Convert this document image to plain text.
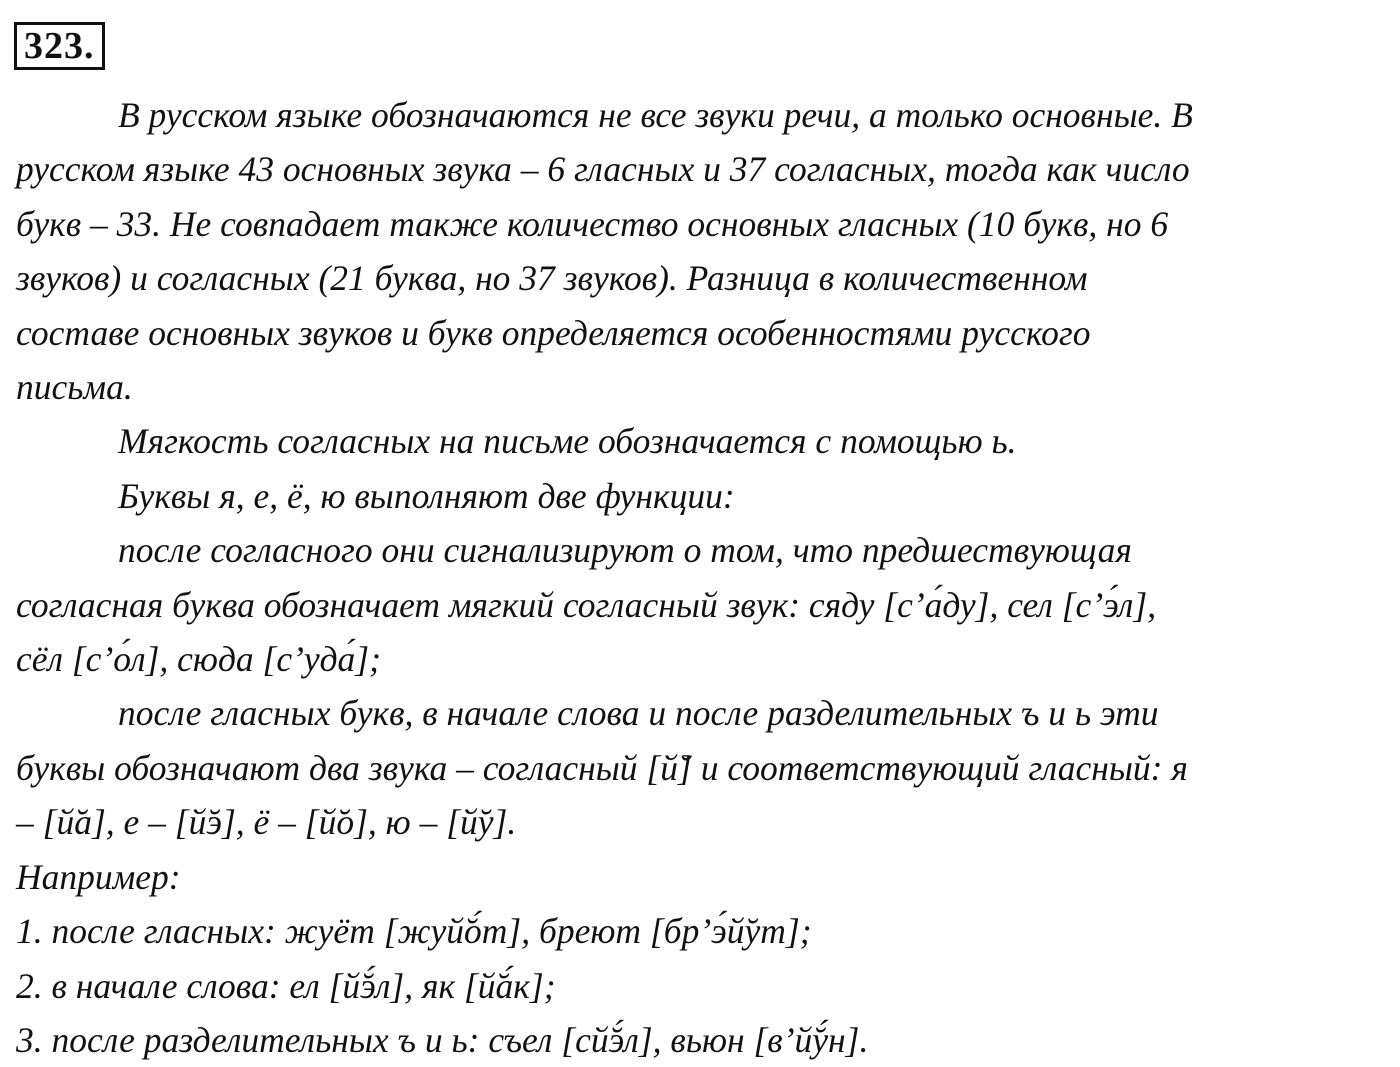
323.

В русском языке обозначаются не все звуки речи, а только основные. В
русском языке 43 основных звука – 6 гласных и 37 согласных, тогда как число
букв – 33. Не совпадает также количество основных гласных (10 букв, но 6
звуков) и согласных (21 буква, но 37 звуков). Разница в количественном
составе основных звуков и букв определяется особенностями русского
письма.

Мягкость согласных на письме обозначается с помощью ь.

Буквы я, е, ё, ю выполняют две функции:

после согласного они сигнализируют о том, что предшествующая
согласная буква обозначает мягкий согласный звук: сяду [с’а́ду], сел [с’э́л],
сёл [с’о́л], сюда [с’уда́];

после гласных букв, в начале слова и после разделительных ъ и ь эти
буквы обозначают два звука – согласный [й̆] и соответствующий гласный: я
– [й̆а], е – [й̆э], ё – [й̆о], ю – [й̆у].

Например:

1. после гласных: жуёт [жуй̆о́т], бреют [бр’э́й̆ут];

2. в начале слова: ел [й̆э́л], як [й̆а́к];

3. после разделительных ъ и ь: съел [сй̆э́л], вьюн [в’й̆у́н].
